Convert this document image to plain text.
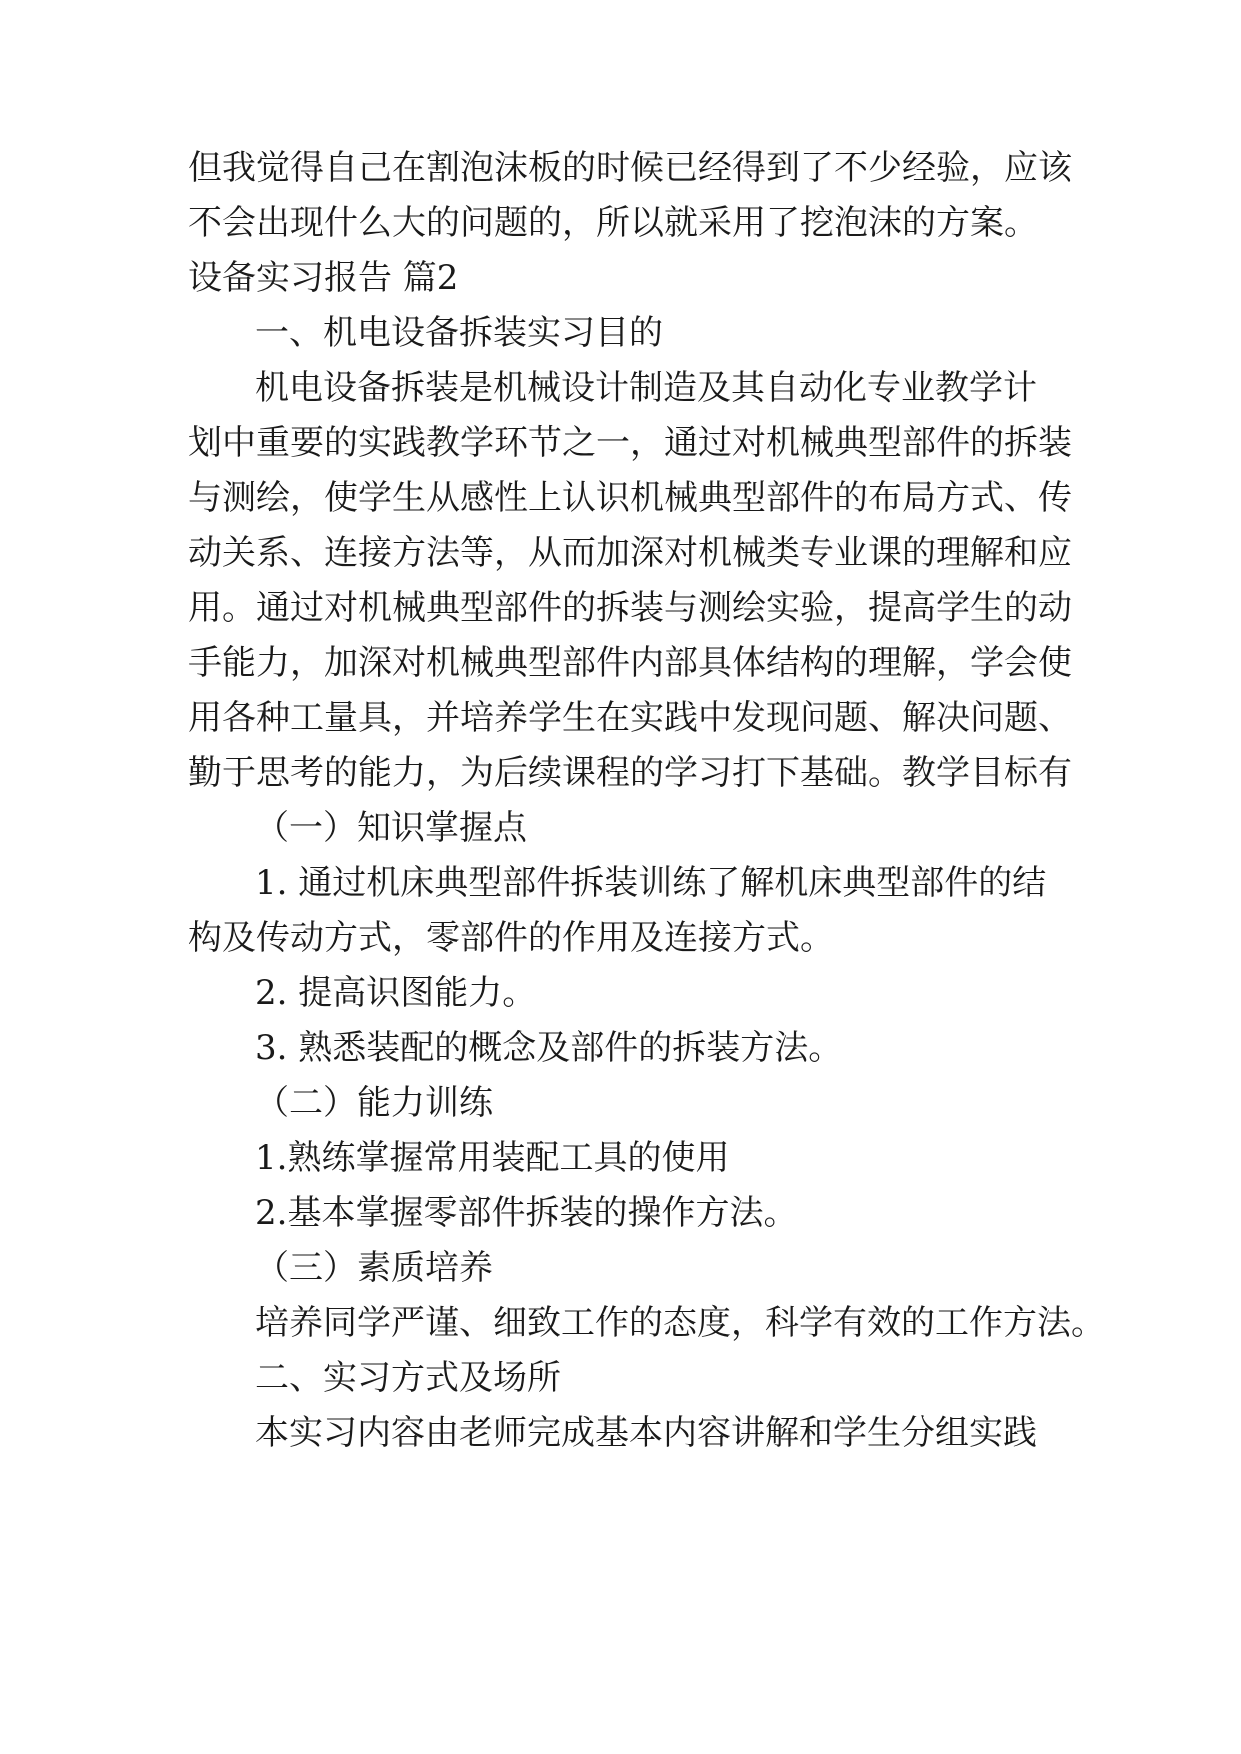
但我觉得自己在割泡沫板的时候已经得到了不少经验，应该
不会出现什么大的问题的，所以就采用了挖泡沫的方案。
设备实习报告 篇2
一、机电设备拆装实习目的
机电设备拆装是机械设计制造及其自动化专业教学计
划中重要的实践教学环节之一，通过对机械典型部件的拆装
与测绘，使学生从感性上认识机械典型部件的布局方式、传
动关系、连接方法等，从而加深对机械类专业课的理解和应
用。通过对机械典型部件的拆装与测绘实验，提高学生的动
手能力，加深对机械典型部件内部具体结构的理解，学会使
用各种工量具，并培养学生在实践中发现问题、解决问题、
勤于思考的能力，为后续课程的学习打下基础。教学目标有
（一）知识掌握点
1. 通过机床典型部件拆装训练了解机床典型部件的结
构及传动方式，零部件的作用及连接方式。
2. 提高识图能力。
3. 熟悉装配的概念及部件的拆装方法。
（二）能力训练
1.熟练掌握常用装配工具的使用
2.基本掌握零部件拆装的操作方法。
（三）素质培养
培养同学严谨、细致工作的态度，科学有效的工作方法。
二、实习方式及场所
本实习内容由老师完成基本内容讲解和学生分组实践
